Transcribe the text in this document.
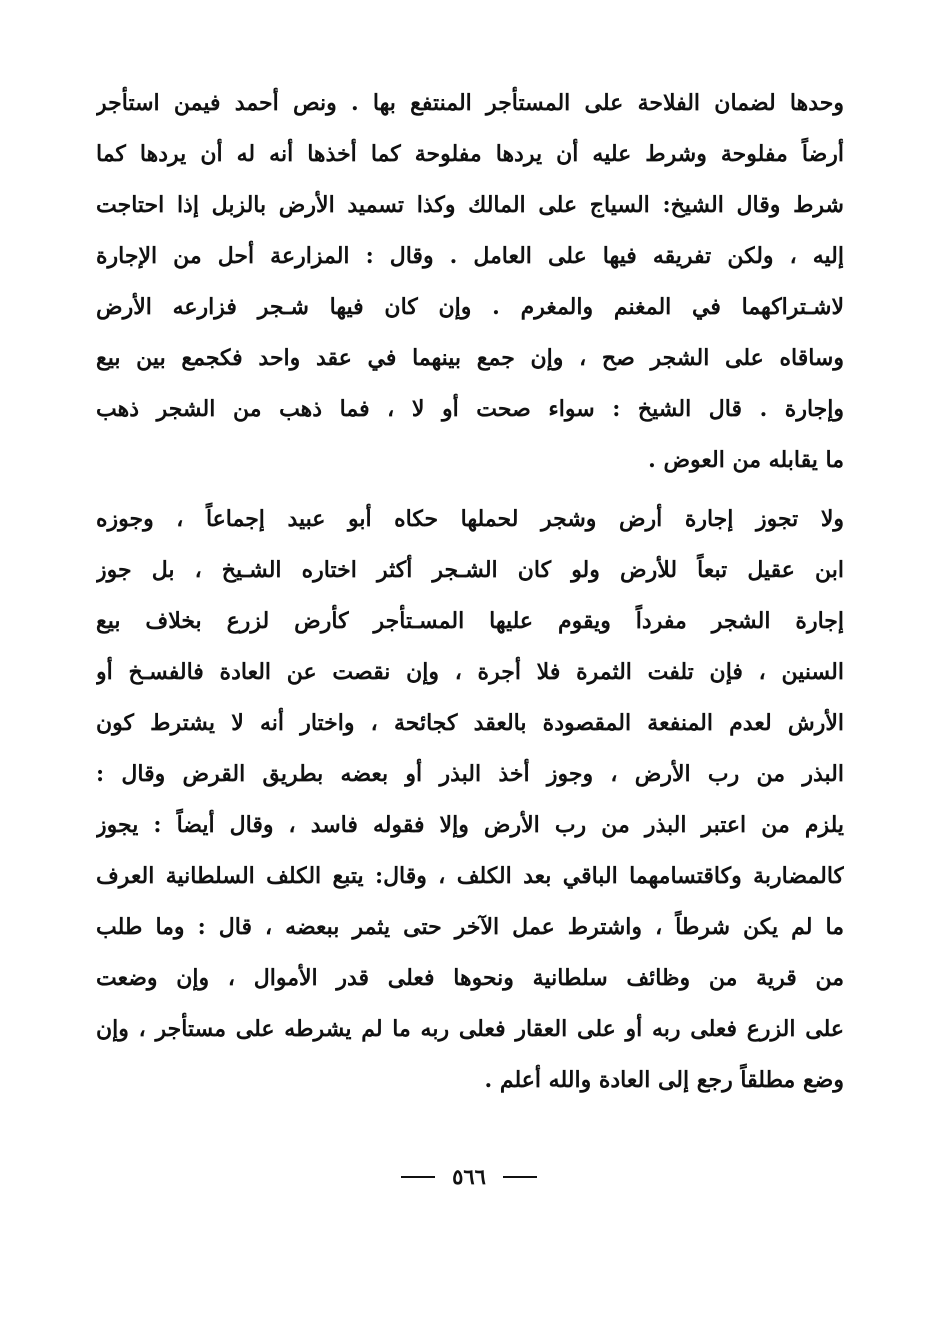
وحدها لضمان الفلاحة على المستأجر المنتفع بها . ونص أحمد فيمن استأجر
أرضاً مفلوحة وشرط عليه أن يردها مفلوحة كما أخذها أنه له أن يردها كما
شرط وقال الشيخ: السياج على المالك وكذا تسميد الأرض بالزبل إذا احتاجت
إليه ، ولكن تفريقه فيها على العامل . وقال : المزارعة أحل من الإجارة
لاشـتراكهما في المغنم والمغرم . وإن كان فيها شـجر فزارعه الأرض
وساقاه على الشجر صح ، وإن جمع بينهما في عقد واحد فكجمع بين بيع
وإجارة . قال الشيخ : سواء صحت أو لا ، فما ذهب من الشجر ذهب
ما يقابله من العوض .
ولا تجوز إجارة أرض وشجر لحملها حكاه أبو عبيد إجماعاً ، وجوزه
ابن عقيل تبعاً للأرض ولو كان الشـجر أكثر اختاره الشـيخ ، بل جوز
إجارة الشجر مفرداً ويقوم عليها المسـتأجر كأرض لزرع بخلاف بيع
السنين ، فإن تلفت الثمرة فلا أجرة ، وإن نقصت عن العادة فالفسـخ أو
الأرش لعدم المنفعة المقصودة بالعقد كجائحة ، واختار أنه لا يشترط كون
البذر من رب الأرض ، وجوز أخذ البذر أو بعضه بطريق القرض وقال :
يلزم من اعتبر البذر من رب الأرض وإلا فقوله فاسد ، وقال أيضاً : يجوز
كالمضاربة وكاقتسامهما الباقي بعد الكلف ، وقال: يتبع الكلف السلطانية العرف
ما لم يكن شرطاً ، واشترط عمل الآخر حتى يثمر ببعضه ، قال : وما طلب
من قرية من وظائف سلطانية ونحوها فعلى قدر الأموال ، وإن وضعت
على الزرع فعلى ربه أو على العقار فعلى ربه ما لم يشرطه على مستأجر ، وإن
وضع مطلقاً رجع إلى العادة والله أعلم .
٥٦٦
